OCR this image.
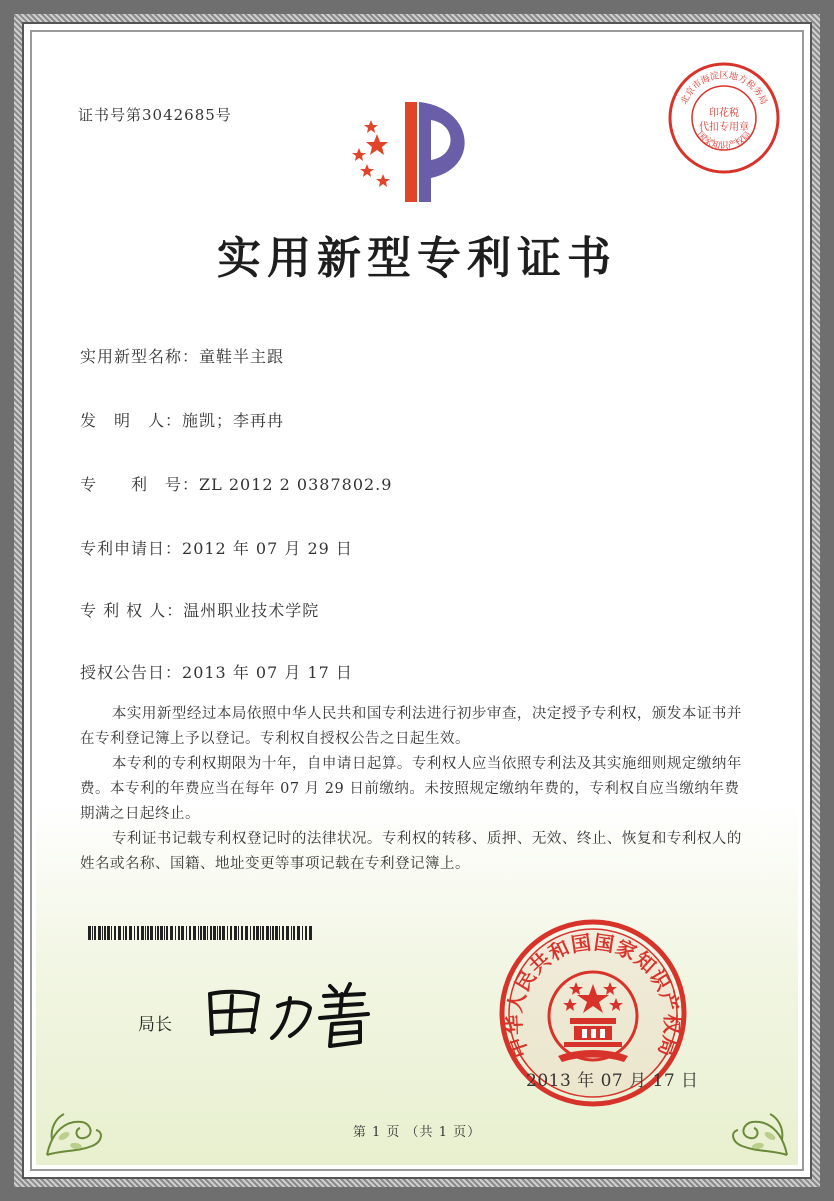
证书号第3042685号
北京市海淀区地方税务局
印花税
代扣专用章
国家知识产权局
实用新型专利证书
实用新型名称：童鞋半主跟
发　明　人：施凯；李再冉
专　　利　号：ZL 2012 2 0387802.9
专利申请日：2012 年 07 月 29 日
专 利 权 人：温州职业技术学院
授权公告日：2013 年 07 月 17 日

本实用新型经过本局依照中华人民共和国专利法进行初步审查，决定授予专利权，颁发本证书并在专利登记簿上予以登记。专利权自授权公告之日起生效。

本专利的专利权期限为十年，自申请日起算。专利权人应当依照专利法及其实施细则规定缴纳年费。本专利的年费应当在每年 07 月 29 日前缴纳。未按照规定缴纳年费的，专利权自应当缴纳年费期满之日起终止。

专利证书记载专利权登记时的法律状况。专利权的转移、质押、无效、终止、恢复和专利权人的姓名或名称、国籍、地址变更等事项记载在专利登记簿上。

局长
中华人民共和国国家知识产权局
2013 年 07 月 17 日
第 1 页 （共 1 页）
